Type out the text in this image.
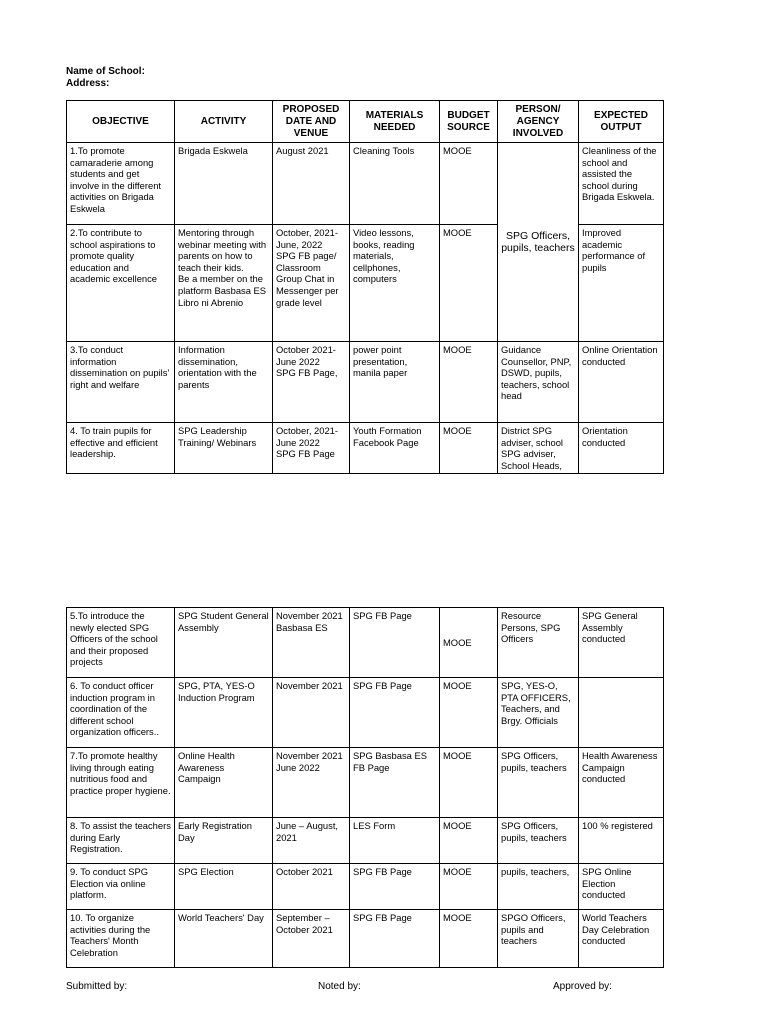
Name of School:
Address:
OBJECTIVE	ACTIVITY	PROPOSED DATE AND VENUE	MATERIALS NEEDED	BUDGET SOURCE	PERSON/ AGENCY INVOLVED	EXPECTED OUTPUT
1.To promote camaraderie among students and get involve in the different activities on Brigada Eskwela	Brigada Eskwela	August 2021	Cleaning Tools	MOOE	SPG Officers, pupils, teachers	Cleanliness of the school and assisted the school during Brigada Eskwela.
2.To contribute to school aspirations to promote quality education and academic excellence	Mentoring through webinar meeting with parents on how to teach their kids.
Be a member on the platform Basbasa ES Libro ni Abrenio	October, 2021- June, 2022
SPG FB page/ Classroom Group Chat in Messenger per grade level	Video lessons, books, reading materials, cellphones, computers	MOOE		Improved academic performance of pupils
3.To conduct information dissemination on pupils' right and welfare	Information dissemination, orientation with the parents	October 2021- June 2022
SPG FB Page,	power point presentation, manila paper	MOOE	Guidance Counsellor, PNP, DSWD, pupils, teachers, school head	Online Orientation conducted
4. To train pupils for effective and efficient leadership.	SPG Leadership Training/ Webinars	October, 2021- June 2022
SPG FB Page	Youth Formation Facebook Page	MOOE	District SPG adviser, school SPG adviser, School Heads,	Orientation conducted
5.To introduce the newly elected SPG Officers of the school and their proposed projects	SPG Student General Assembly	November 2021 Basbasa ES	SPG FB Page	MOOE	Resource Persons, SPG Officers	SPG General Assembly conducted
6. To conduct officer induction program in coordination of the different school organization officers..	SPG, PTA, YES-O Induction Program	November 2021	SPG FB Page	MOOE	SPG, YES-O, PTA OFFICERS, Teachers, and Brgy. Officials	
7.To promote healthy living through eating nutritious food and practice proper hygiene.	Online Health Awareness Campaign	November 2021 June 2022	SPG Basbasa ES FB Page	MOOE	SPG Officers, pupils, teachers	Health Awareness Campaign conducted
8. To assist the teachers during Early Registration.	Early Registration Day	June – August, 2021	LES Form	MOOE	SPG Officers, pupils, teachers	100 % registered
9. To conduct SPG Election via online platform.	SPG Election	October 2021	SPG FB Page	MOOE	pupils, teachers,	SPG Online Election conducted
10. To organize activities during the Teachers' Month Celebration	World Teachers' Day	September – October 2021	SPG FB Page	MOOE	SPGO Officers, pupils and teachers	World Teachers Day Celebration conducted
Submitted by:	Noted by:	Approved by:
